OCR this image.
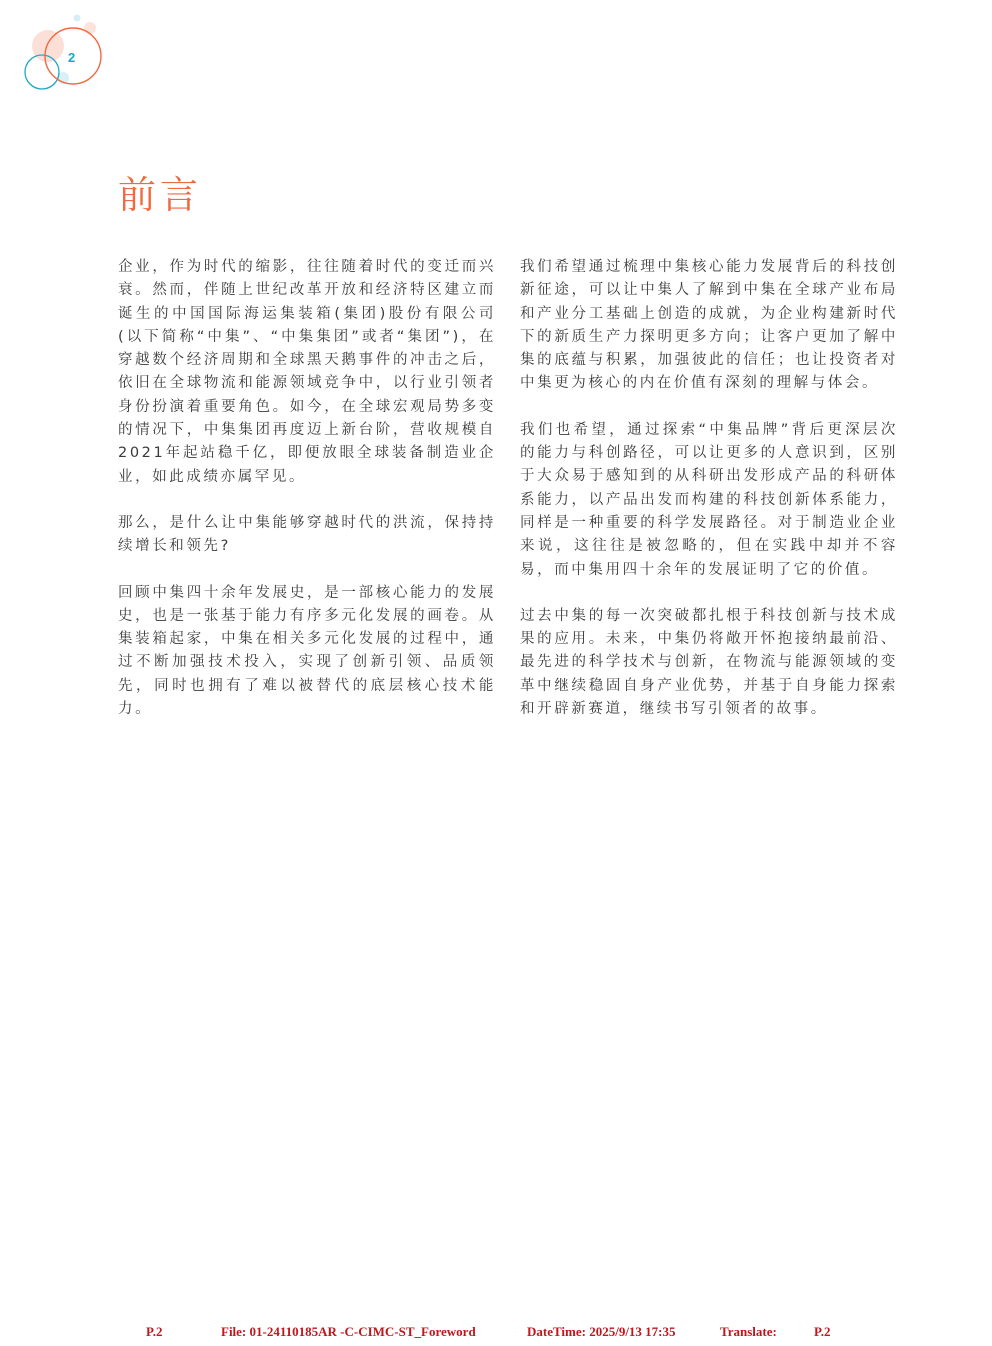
2
前言

企业，作为时代的缩影，往往随着时代的变迁而兴衰。然而，伴随上世纪改革开放和经济特区建立而诞生的中国国际海运集装箱(集团)股份有限公司(以下简称“中集”、“中集集团”或者“集团”)，在穿越数个经济周期和全球黑天鹅事件的冲击之后，依旧在全球物流和能源领域竞争中，以行业引领者身份扮演着重要角色。如今，在全球宏观局势多变的情况下，中集集团再度迈上新台阶，营收规模自2021年起站稳千亿，即便放眼全球装备制造业企业，如此成绩亦属罕见。

那么，是什么让中集能够穿越时代的洪流，保持持续增长和领先?

回顾中集四十余年发展史，是一部核心能力的发展史，也是一张基于能力有序多元化发展的画卷。从集装箱起家，中集在相关多元化发展的过程中，通过不断加强技术投入，实现了创新引领、品质领先，同时也拥有了难以被替代的底层核心技术能力。

我们希望通过梳理中集核心能力发展背后的科技创新征途，可以让中集人了解到中集在全球产业布局和产业分工基础上创造的成就，为企业构建新时代下的新质生产力探明更多方向；让客户更加了解中集的底蕴与积累，加强彼此的信任；也让投资者对中集更为核心的内在价值有深刻的理解与体会。

我们也希望，通过探索“中集品牌”背后更深层次的能力与科创路径，可以让更多的人意识到，区别于大众易于感知到的从科研出发形成产品的科研体系能力，以产品出发而构建的科技创新体系能力，同样是一种重要的科学发展路径。对于制造业企业来说，这往往是被忽略的，但在实践中却并不容易，而中集用四十余年的发展证明了它的价值。

过去中集的每一次突破都扎根于科技创新与技术成果的应用。未来，中集仍将敞开怀抱接纳最前沿、最先进的科学技术与创新，在物流与能源领域的变革中继续稳固自身产业优势，并基于自身能力探索和开辟新赛道，继续书写引领者的故事。

P.2	File: 01-24110185AR -C-CIMC-ST_Foreword	DateTime: 2025/9/13 17:35	Translate:	P.2
